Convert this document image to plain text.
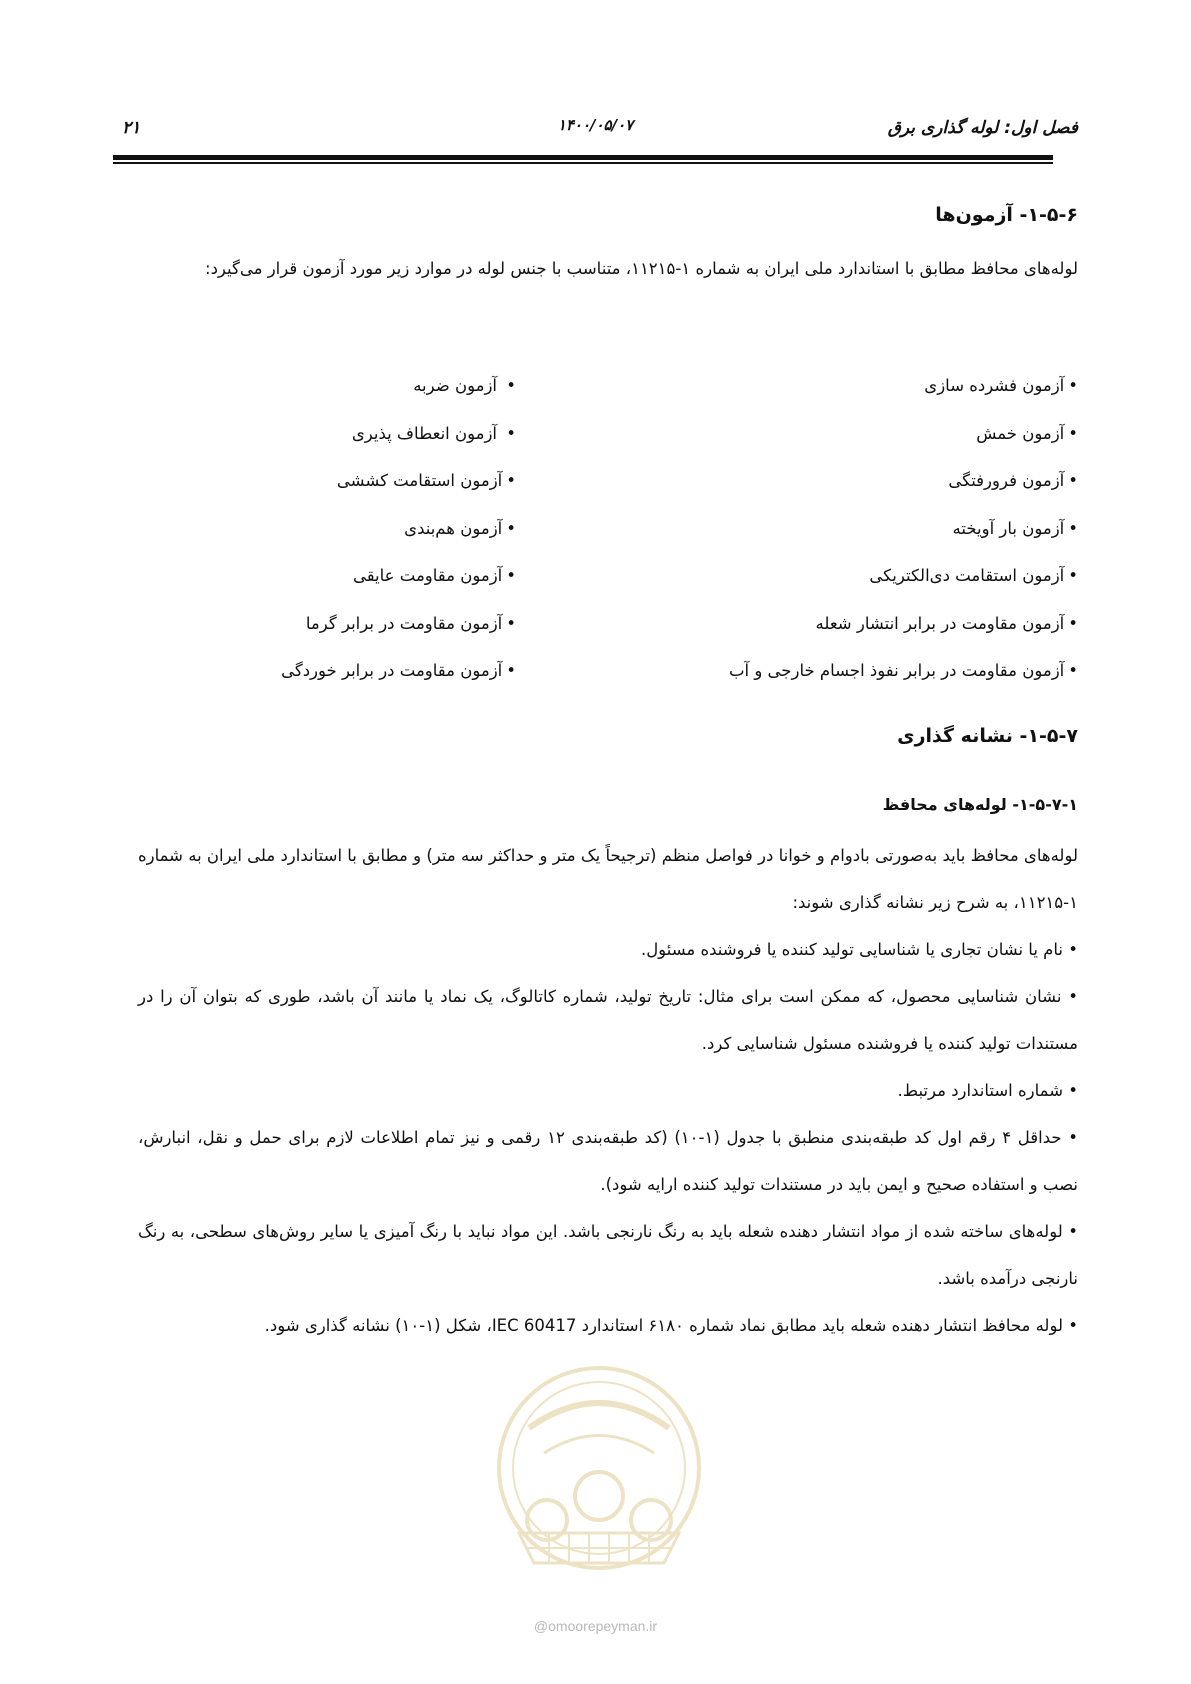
۲۱	۱۴۰۰/۰۵/۰۷	فصل اول: لوله گذاری برق
۱-۵-۶- آزمون‌ها
لوله‌های محافظ مطابق با استاندارد ملی ایران به شماره ۱-۱۱۲۱۵، متناسب با جنس لوله در موارد زیر مورد آزمون قرار می‌گیرد:
• آزمون فشرده سازی
• آزمون خمش
• آزمون فرورفتگی
• آزمون بار آویخته
• آزمون استقامت دی‌الکتریکی
• آزمون مقاومت در برابر انتشار شعله
• آزمون مقاومت در برابر نفوذ اجسام خارجی و آب
• آزمون ضربه
• آزمون انعطاف پذیری
• آزمون استقامت کششی
• آزمون هم‌بندی
• آزمون مقاومت عایقی
• آزمون مقاومت در برابر گرما
• آزمون مقاومت در برابر خوردگی
۱-۵-۷- نشانه گذاری
۱-۵-۷-۱- لوله‌های محافظ
لوله‌های محافظ باید به‌صورتی بادوام و خوانا در فواصل منظم (ترجیحاً یک متر و حداکثر سه متر) و مطابق با استاندارد ملی ایران به شماره ۱-۱۱۲۱۵، به شرح زیر نشانه گذاری شوند:
• نام یا نشان تجاری یا شناسایی تولید کننده یا فروشنده مسئول.
• نشان شناسایی محصول، که ممکن است برای مثال: تاریخ تولید، شماره کاتالوگ، یک نماد یا مانند آن باشد، طوری که بتوان آن را در مستندات تولید کننده یا فروشنده مسئول شناسایی کرد.
• شماره استاندارد مرتبط.
• حداقل ۴ رقم اول کد طبقه‌بندی منطبق با جدول (۱-۱۰) (کد طبقه‌بندی ۱۲ رقمی و نیز تمام اطلاعات لازم برای حمل و نقل، انبارش، نصب و استفاده صحیح و ایمن باید در مستندات تولید کننده ارایه شود).
• لوله‌های ساخته شده از مواد انتشار دهنده شعله باید به رنگ نارنجی باشد. این مواد نباید با رنگ آمیزی یا سایر روش‌های سطحی، به رنگ نارنجی درآمده باشد.
• لوله محافظ انتشار دهنده شعله باید مطابق نماد شماره ۶۱۸۰ استاندارد IEC 60417، شکل (۱-۱۰) نشانه گذاری شود.
@omoorepeyman.ir
